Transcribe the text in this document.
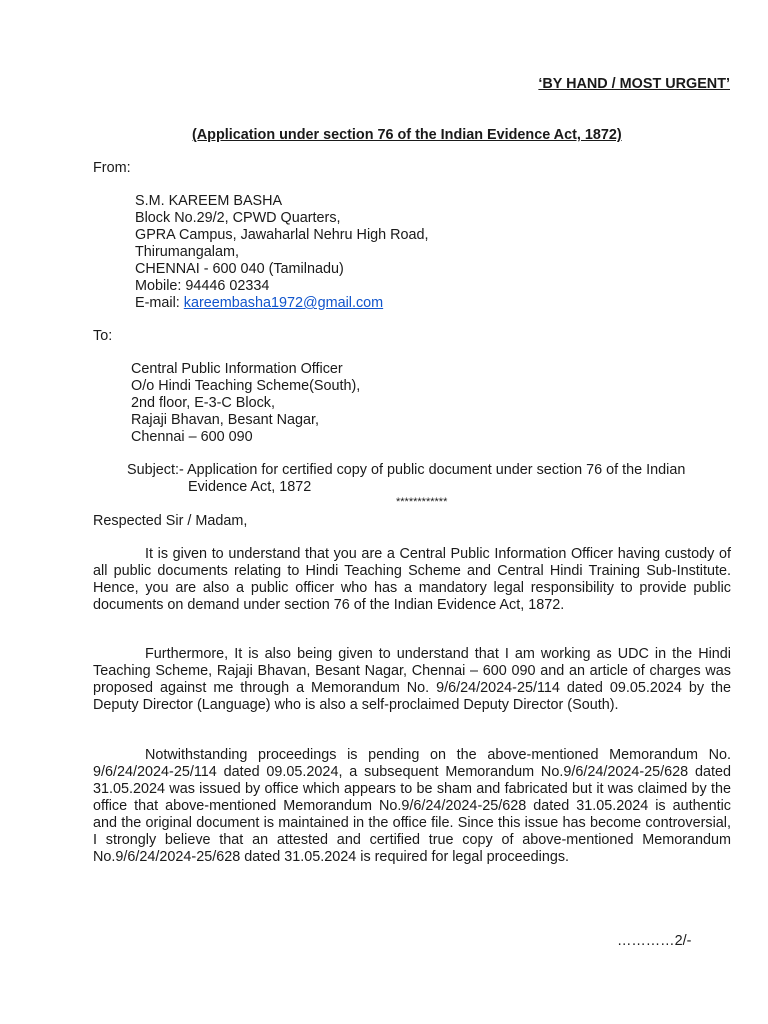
‘BY HAND / MOST URGENT’
(Application under section 76 of the Indian Evidence Act, 1872)
From:
S.M. KAREEM BASHA
Block No.29/2, CPWD Quarters,
GPRA Campus, Jawaharlal Nehru High Road,
Thirumangalam,
CHENNAI - 600 040 (Tamilnadu)
Mobile: 94446 02334
E-mail: kareembasha1972@gmail.com
To:
Central Public Information Officer
O/o Hindi Teaching Scheme(South),
2nd floor, E-3-C Block,
Rajaji Bhavan, Besant Nagar,
Chennai – 600 090
Subject:- Application for certified copy of public document under section 76 of the Indian
Evidence Act, 1872
************
Respected Sir / Madam,
It is given to understand that you are a Central Public Information Officer having custody of all public documents relating to Hindi Teaching Scheme and Central Hindi Training Sub-Institute. Hence, you are also a public officer who has a mandatory legal responsibility to provide public documents on demand under section 76 of the Indian Evidence Act, 1872.
Furthermore, It is also being given to understand that I am working as UDC in the Hindi Teaching Scheme, Rajaji Bhavan, Besant Nagar, Chennai – 600 090 and an article of charges was proposed against me through a Memorandum No. 9/6/24/2024-25/114 dated 09.05.2024 by the Deputy Director (Language) who is also a self-proclaimed Deputy Director (South).
Notwithstanding proceedings is pending on the above-mentioned Memorandum No. 9/6/24/2024-25/114 dated 09.05.2024, a subsequent Memorandum No.9/6/24/2024-25/628 dated 31.05.2024 was issued by office which appears to be sham and fabricated but it was claimed by the office that above-mentioned Memorandum No.9/6/24/2024-25/628 dated 31.05.2024 is authentic and the original document is maintained in the office file. Since this issue has become controversial, I strongly believe that an attested and certified true copy of above-mentioned Memorandum No.9/6/24/2024-25/628 dated 31.05.2024 is required for legal proceedings.
…………2/-
